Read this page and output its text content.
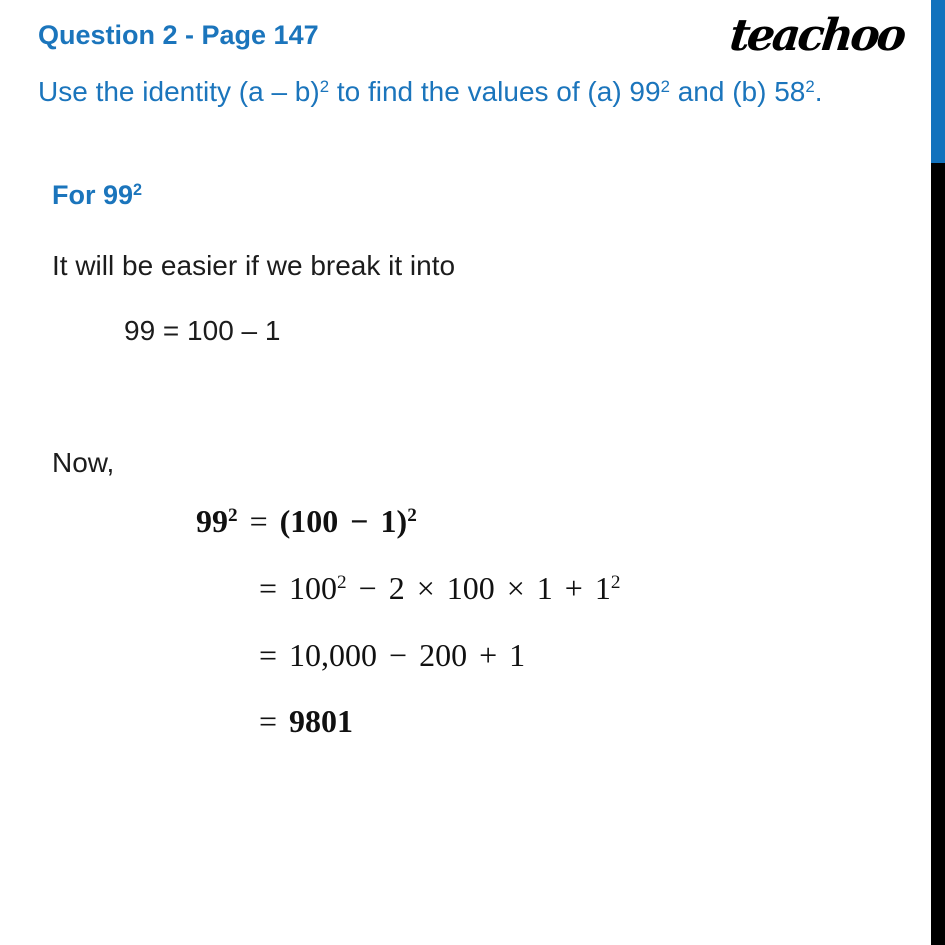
Question 2 - Page 147	teachoo
Use the identity (a – b)$^2$ to find the values of (a) $99^2$ and (b) $58^2$.
For $99^2$
It will be easier if we break it into
99 = 100 – 1
Now,
$99^2 = (100 - 1)^2$
= $100^2 - 2 \times 100 \times 1 + 1^2$
= 10,000 − 200 + 1
= 9801
